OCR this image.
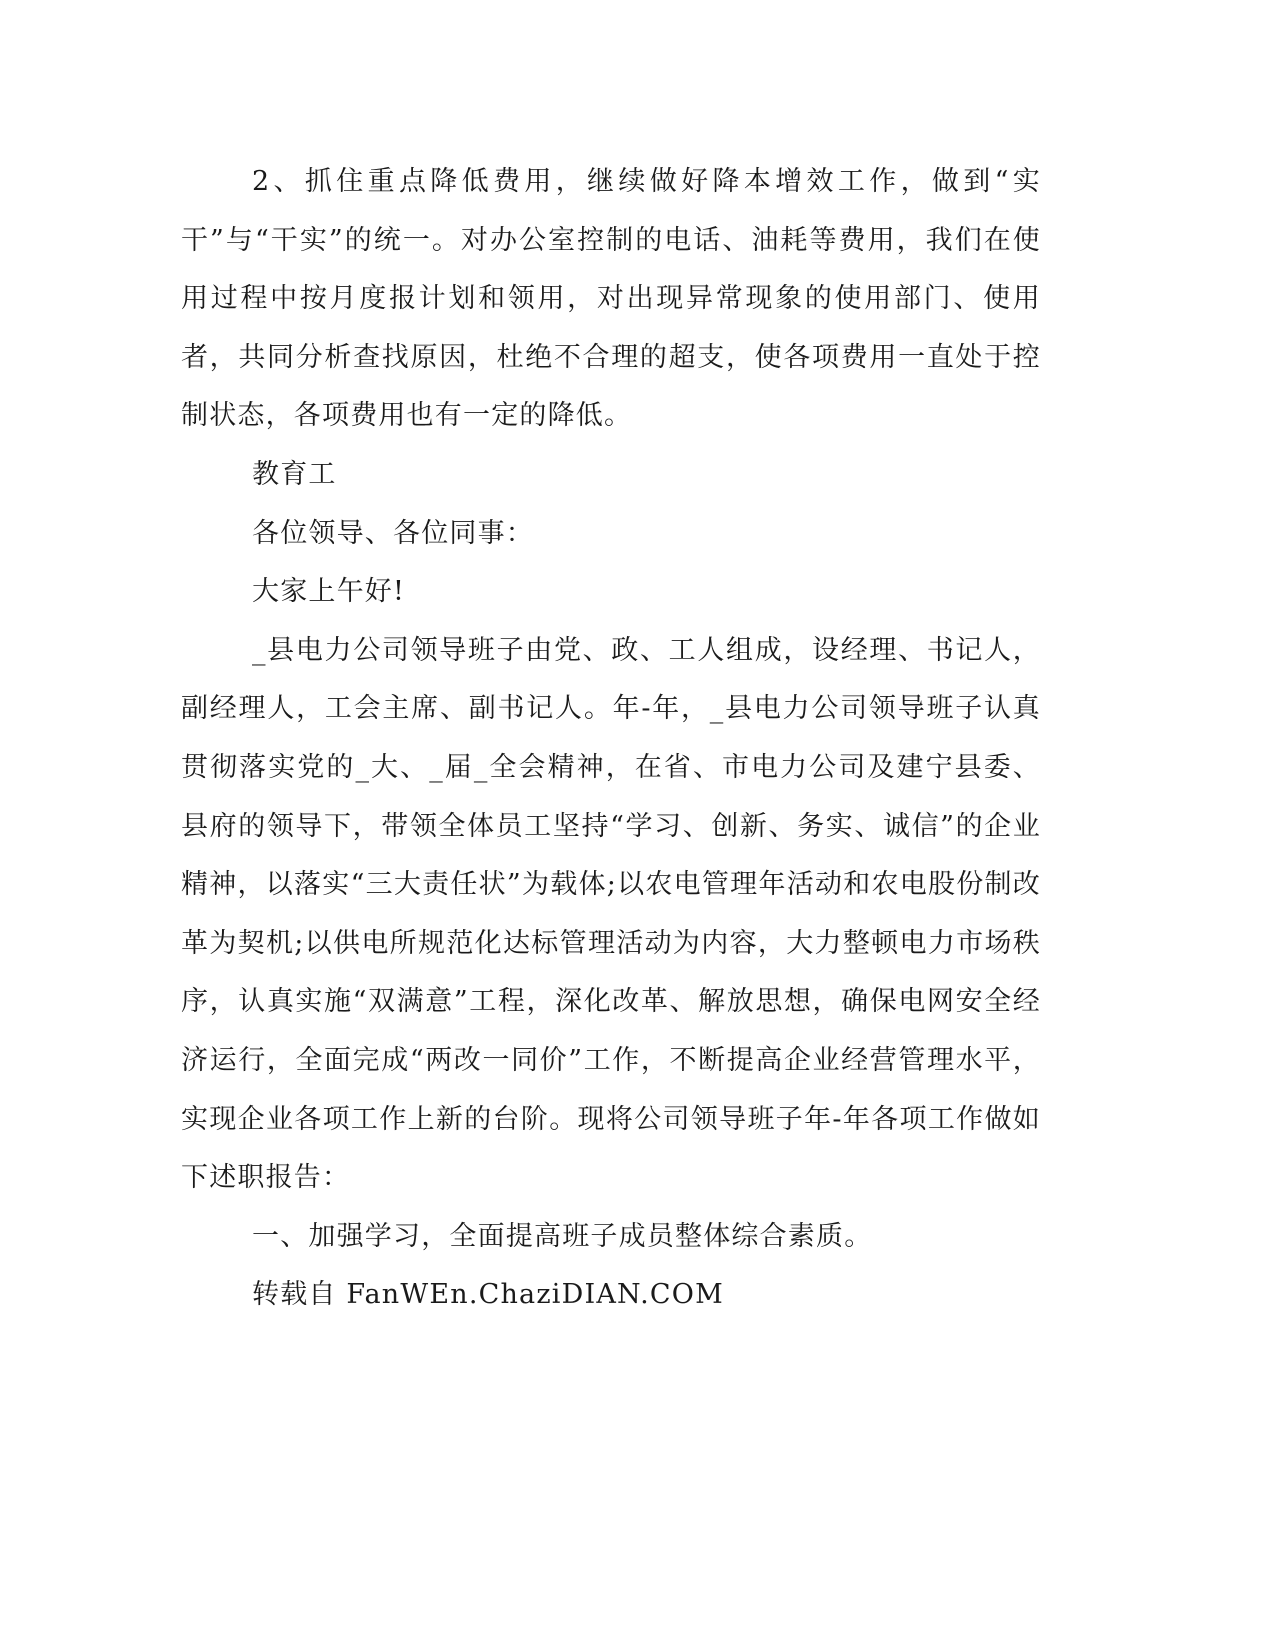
2、抓住重点降低费用，继续做好降本增效工作，做到“实干”与“干实”的统一。对办公室控制的电话、油耗等费用，我们在使用过程中按月度报计划和领用，对出现异常现象的使用部门、使用者，共同分析查找原因，杜绝不合理的超支，使各项费用一直处于控制状态，各项费用也有一定的降低。

教育工

各位领导、各位同事：

大家上午好!

_县电力公司领导班子由党、政、工人组成，设经理、书记人，副经理人，工会主席、副书记人。年-年，_县电力公司领导班子认真贯彻落实党的_大、_届_全会精神，在省、市电力公司及建宁县委、县府的领导下，带领全体员工坚持“学习、创新、务实、诚信”的企业精神，以落实“三大责任状”为载体;以农电管理年活动和农电股份制改革为契机;以供电所规范化达标管理活动为内容，大力整顿电力市场秩序，认真实施“双满意”工程，深化改革、解放思想，确保电网安全经济运行，全面完成“两改一同价”工作，不断提高企业经营管理水平，实现企业各项工作上新的台阶。现将公司领导班子年-年各项工作做如下述职报告：

一、加强学习，全面提高班子成员整体综合素质。

转载自 FanWEn.ChaziDIAN.COM
